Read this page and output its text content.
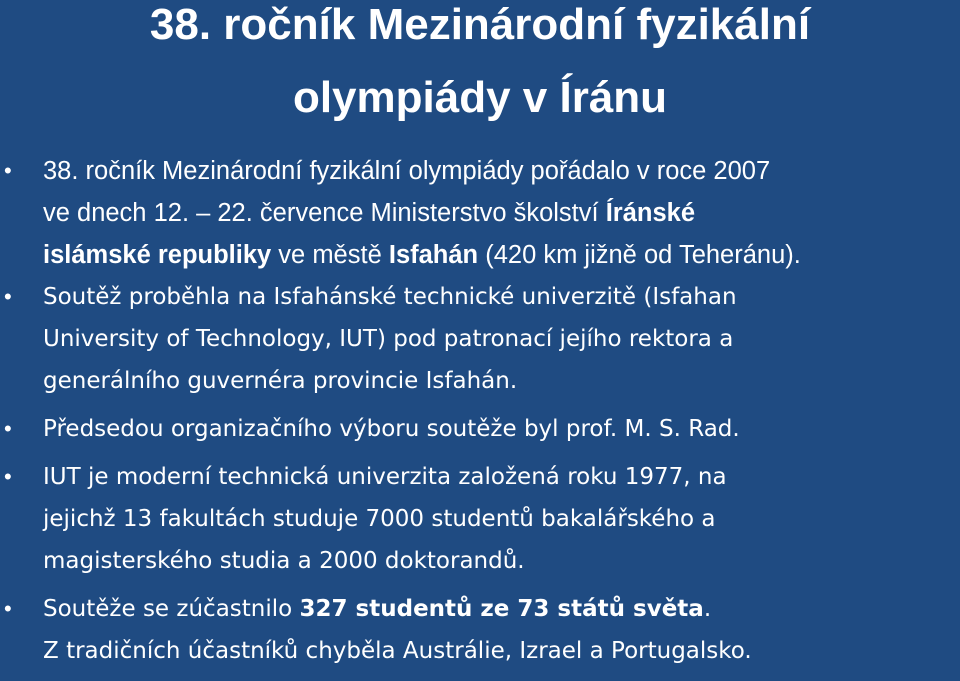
38. ročník Mezinárodní fyzikální
olympiády v Íránu
• 38. ročník Mezinárodní fyzikální olympiády pořádalo v roce 2007
ve dnech 12. – 22. července Ministerstvo školství Íránské
islámské republiky ve městě Isfahán (420 km jižně od Teheránu).
• Soutěž proběhla na Isfahánské technické univerzitě (Isfahan
University of Technology, IUT) pod patronací jejího rektora a
generálního guvernéra provincie Isfahán.
• Předsedou organizačního výboru soutěže byl prof. M. S. Rad.
• IUT je moderní technická univerzita založená roku 1977, na
jejichž 13 fakultách studuje 7000 studentů bakalářského a
magisterského studia a 2000 doktorandů.
• Soutěže se zúčastnilo 327 studentů ze 73 států světa.
Z tradičních účastníků chyběla Austrálie, Izrael a Portugalsko.
